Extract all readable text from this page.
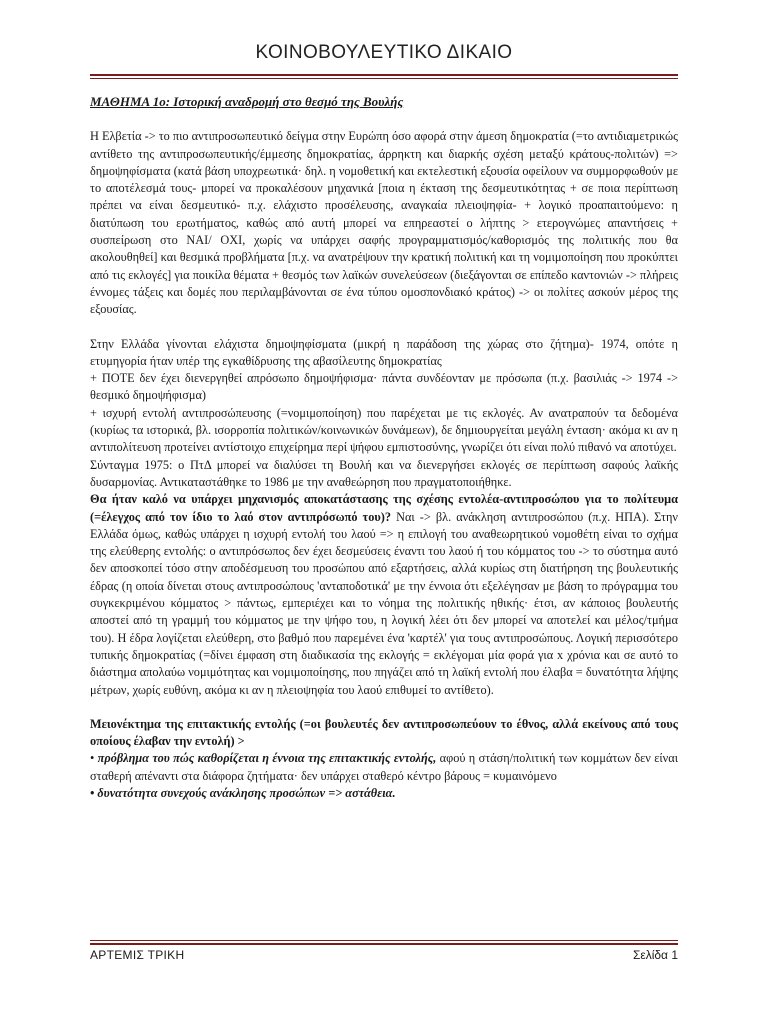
ΚΟΙΝΟΒΟΥΛΕΥΤΙΚΟ ΔΙΚΑΙΟ

ΜΑΘΗΜΑ 1ο: Ιστορική αναδρομή στο θεσμό της Βουλής

Η Ελβετία -> το πιο αντιπροσωπευτικό δείγμα στην Ευρώπη όσο αφορά στην άμεση δημοκρατία (=το αντιδιαμετρικώς αντίθετο της αντιπροσωπευτικής/έμμεσης δημοκρατίας, άρρηκτη και διαρκής σχέση μεταξύ κράτους-πολιτών) => δημοψηφίσματα (κατά βάση υποχρεωτικά· δηλ. η νομοθετική και εκτελεστική εξουσία οφείλουν να συμμορφωθούν με το αποτέλεσμά τους- μπορεί να προκαλέσουν μηχανικά [ποια η έκταση της δεσμευτικότητας + σε ποια περίπτωση πρέπει να είναι δεσμευτικό- π.χ. ελάχιστο προσέλευσης, αναγκαία πλειοψηφία- + λογικό προαπαιτούμενο: η διατύπωση του ερωτήματος, καθώς από αυτή μπορεί να επηρεαστεί ο λήπτης > ετερογνώμες απαντήσεις + συσπείρωση στο ΝΑΙ/ ΟΧΙ, χωρίς να υπάρχει σαφής προγραμματισμός/καθορισμός της πολιτικής που θα ακολουθηθεί] και θεσμικά προβλήματα [π.χ. να ανατρέψουν την κρατική πολιτική και τη νομιμοποίηση που προκύπτει από τις εκλογές] για ποικίλα θέματα + θεσμός των λαϊκών συνελεύσεων (διεξάγονται σε επίπεδο καντονιών -> πλήρεις έννομες τάξεις και δομές που περιλαμβάνονται σε ένα τύπου ομοσπονδιακό κράτος) -> οι πολίτες ασκούν μέρος της εξουσίας.

Στην Ελλάδα γίνονται ελάχιστα δημοψηφίσματα (μικρή η παράδοση της χώρας στο ζήτημα)- 1974, οπότε η ετυμηγορία ήταν υπέρ της εγκαθίδρυσης της αβασίλευτης δημοκρατίας
+ ΠΟΤΕ δεν έχει διενεργηθεί απρόσωπο δημοψήφισμα· πάντα συνδέονταν με πρόσωπα (π.χ. βασιλιάς -> 1974 -> θεσμικό δημοψήφισμα)
+ ισχυρή εντολή αντιπροσώπευσης (=νομιμοποίηση) που παρέχεται με τις εκλογές. Αν ανατραπούν τα δεδομένα (κυρίως τα ιστορικά, βλ. ισορροπία πολιτικών/κοινωνικών δυνάμεων), δε δημιουργείται μεγάλη ένταση· ακόμα κι αν η αντιπολίτευση προτείνει αντίστοιχο επιχείρημα περί ψήφου εμπιστοσύνης, γνωρίζει ότι είναι πολύ πιθανό να αποτύχει.
Σύνταγμα 1975: ο ΠτΔ μπορεί να διαλύσει τη Βουλή και να διενεργήσει εκλογές σε περίπτωση σαφούς λαϊκής δυσαρμονίας. Αντικαταστάθηκε το 1986 με την αναθεώρηση που πραγματοποιήθηκε.
Θα ήταν καλό να υπάρχει μηχανισμός αποκατάστασης της σχέσης εντολέα-αντιπροσώπου για το πολίτευμα (=έλεγχος από τον ίδιο το λαό στον αντιπρόσωπό του)? Ναι -> βλ. ανάκληση αντιπροσώπου (π.χ. ΗΠΑ). Στην Ελλάδα όμως, καθώς υπάρχει η ισχυρή εντολή του λαού => η επιλογή του αναθεωρητικού νομοθέτη είναι το σχήμα της ελεύθερης εντολής: ο αντιπρόσωπος δεν έχει δεσμεύσεις έναντι του λαού ή του κόμματος του -> το σύστημα αυτό δεν αποσκοπεί τόσο στην αποδέσμευση του προσώπου από εξαρτήσεις, αλλά κυρίως στη διατήρηση της βουλευτικής έδρας (η οποία δίνεται στους αντιπροσώπους 'ανταποδοτικά' με την έννοια ότι εξελέγησαν με βάση το πρόγραμμα του συγκεκριμένου κόμματος > πάντως, εμπεριέχει και το νόημα της πολιτικής ηθικής· έτσι, αν κάποιος βουλευτής αποστεί από τη γραμμή του κόμματος με την ψήφο του, η λογική λέει ότι δεν μπορεί να αποτελεί και μέλος/τμήμα του). Η έδρα λογίζεται ελεύθερη, στο βαθμό που παρεμένει ένα 'καρτέλ' για τους αντιπροσώπους. Λογική περισσότερο τυπικής δημοκρατίας (=δίνει έμφαση στη διαδικασία της εκλογής = εκλέγομαι μία φορά για x χρόνια και σε αυτό το διάστημα απολαύω νομιμότητας και νομιμοποίησης, που πηγάζει από τη λαϊκή εντολή που έλαβα = δυνατότητα λήψης μέτρων, χωρίς ευθύνη, ακόμα κι αν η πλειοψηφία του λαού επιθυμεί το αντίθετο).
Μειονέκτημα της επιτακτικής εντολής (=οι βουλευτές δεν αντιπροσωπεύουν το έθνος, αλλά εκείνους από τους οποίους έλαβαν την εντολή) >
• πρόβλημα του πώς καθορίζεται η έννοια της επιτακτικής εντολής, αφού η στάση/πολιτική των κομμάτων δεν είναι σταθερή απέναντι στα διάφορα ζητήματα· δεν υπάρχει σταθερό κέντρο βάρους = κυμαινόμενο
• δυνατότητα συνεχούς ανάκλησης προσώπων => αστάθεια.
ΑΡΤΕΜΙΣ ΤΡΙΚΗ	Σελίδα 1
